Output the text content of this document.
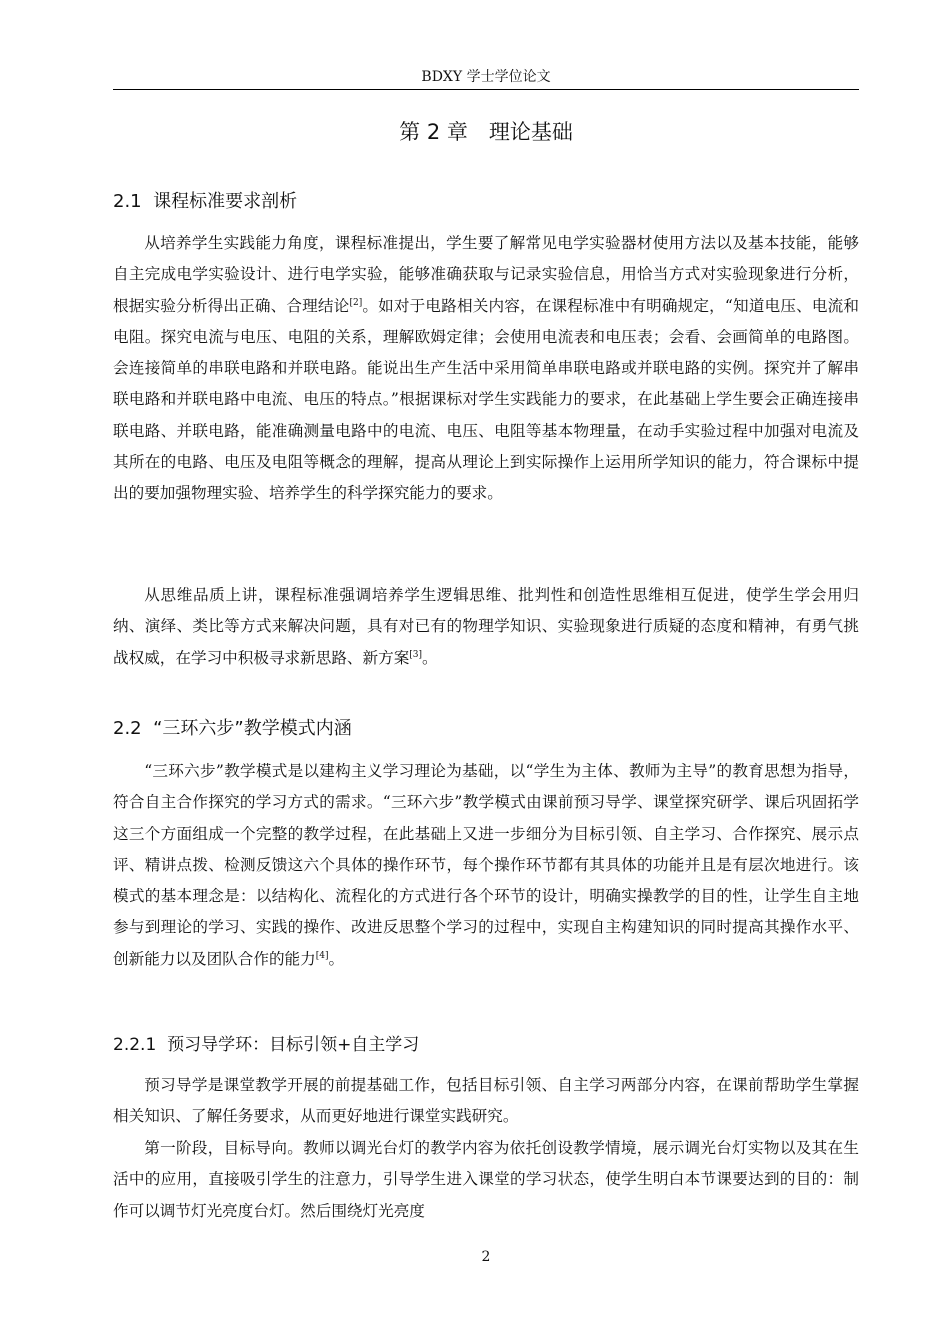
BDXY 学士学位论文
第 2 章　理论基础
2.1  课程标准要求剖析

从培养学生实践能力角度，课程标准提出，学生要了解常见电学实验器材使用方法以及基本技能，能够自主完成电学实验设计、进行电学实验，能够准确获取与记录实验信息，用恰当方式对实验现象进行分析，根据实验分析得出正确、合理结论[2]。如对于电路相关内容，在课程标准中有明确规定，“知道电压、电流和电阻。探究电流与电压、电阻的关系，理解欧姆定律；会使用电流表和电压表；会看、会画简单的电路图。会连接简单的串联电路和并联电路。能说出生产生活中采用简单串联电路或并联电路的实例。探究并了解串联电路和并联电路中电流、电压的特点。”根据课标对学生实践能力的要求，在此基础上学生要会正确连接串联电路、并联电路，能准确测量电路中的电流、电压、电阻等基本物理量，在动手实验过程中加强对电流及其所在的电路、电压及电阻等概念的理解，提高从理论上到实际操作上运用所学知识的能力，符合课标中提出的要加强物理实验、培养学生的科学探究能力的要求。

从思维品质上讲，课程标准强调培养学生逻辑思维、批判性和创造性思维相互促进，使学生学会用归纳、演绎、类比等方式来解决问题，具有对已有的物理学知识、实验现象进行质疑的态度和精神，有勇气挑战权威，在学习中积极寻求新思路、新方案[3]。

2.2  “三环六步”教学模式内涵

“三环六步”教学模式是以建构主义学习理论为基础，以“学生为主体、教师为主导”的教育思想为指导，符合自主合作探究的学习方式的需求。“三环六步”教学模式由课前预习导学、课堂探究研学、课后巩固拓学这三个方面组成一个完整的教学过程，在此基础上又进一步细分为目标引领、自主学习、合作探究、展示点评、精讲点拨、检测反馈这六个具体的操作环节，每个操作环节都有其具体的功能并且是有层次地进行。该模式的基本理念是：以结构化、流程化的方式进行各个环节的设计，明确实操教学的目的性，让学生自主地参与到理论的学习、实践的操作、改进反思整个学习的过程中，实现自主构建知识的同时提高其操作水平、创新能力以及团队合作的能力[4]。

2.2.1  预习导学环：目标引领+自主学习

预习导学是课堂教学开展的前提基础工作，包括目标引领、自主学习两部分内容，在课前帮助学生掌握相关知识、了解任务要求，从而更好地进行课堂实践研究。

第一阶段，目标导向。教师以调光台灯的教学内容为依托创设教学情境，展示调光台灯实物以及其在生活中的应用，直接吸引学生的注意力，引导学生进入课堂的学习状态，使学生明白本节课要达到的目的：制作可以调节灯光亮度台灯。然后围绕灯光亮度

2
